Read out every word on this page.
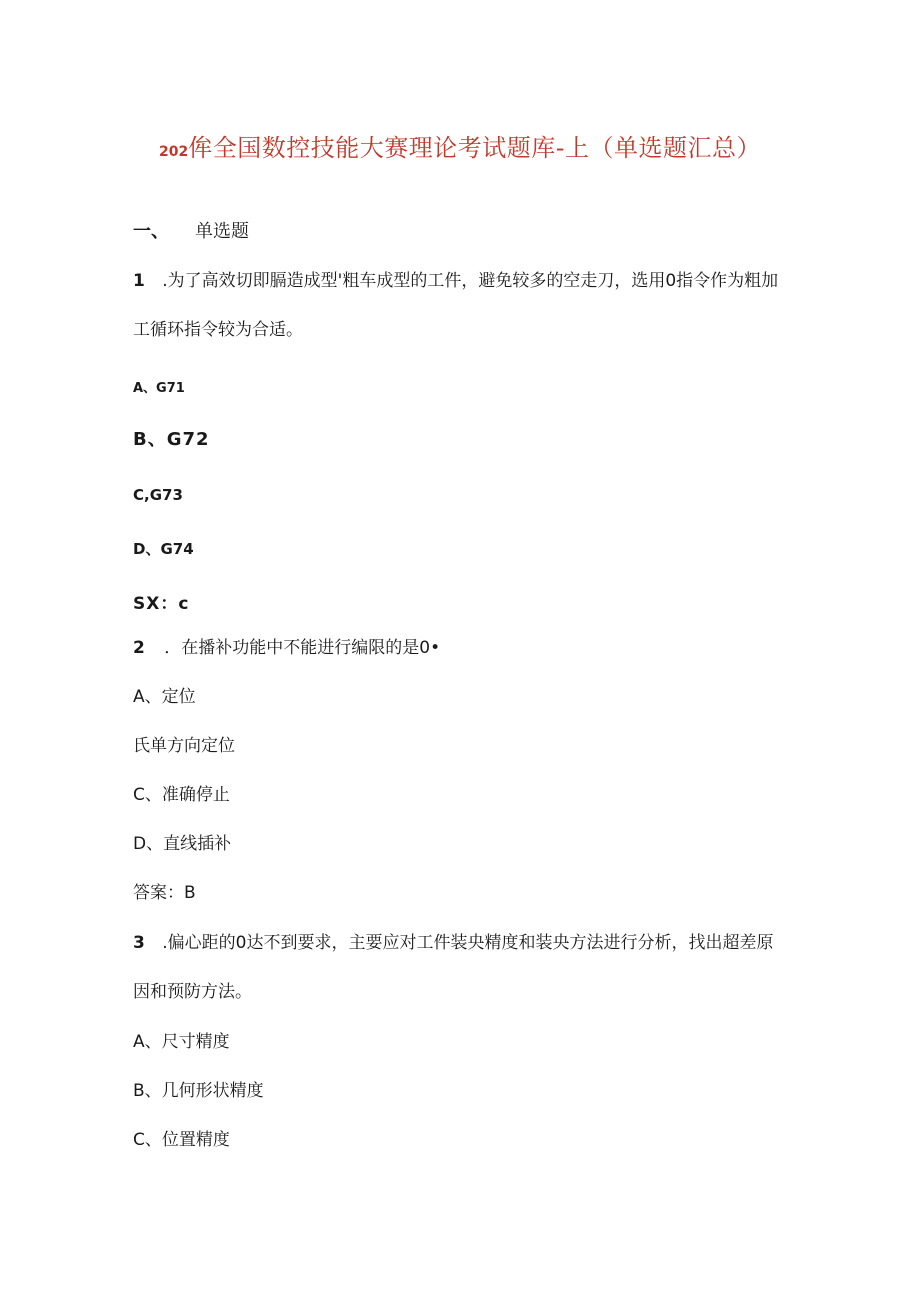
202侔全国数控技能大赛理论考试题库-上（单选题汇总）
一、 单选题
1 .为了高效切即膈造成型'粗车成型的工件，避免较多的空走刀，选用0指令作为粗加
工循环指令较为合适。
A、G71
B、G72
C,G73
D、G74
SX：c
2 ．在播补功能中不能进行编限的是0•
A、定位
氏单方向定位
C、准确停止
D、直线插补
答案：B
3 .偏心距的0达不到要求，主要应对工件装央精度和装央方法进行分析，找出超差原
因和预防方法。
A、尺寸精度
B、几何形状精度
C、位置精度
